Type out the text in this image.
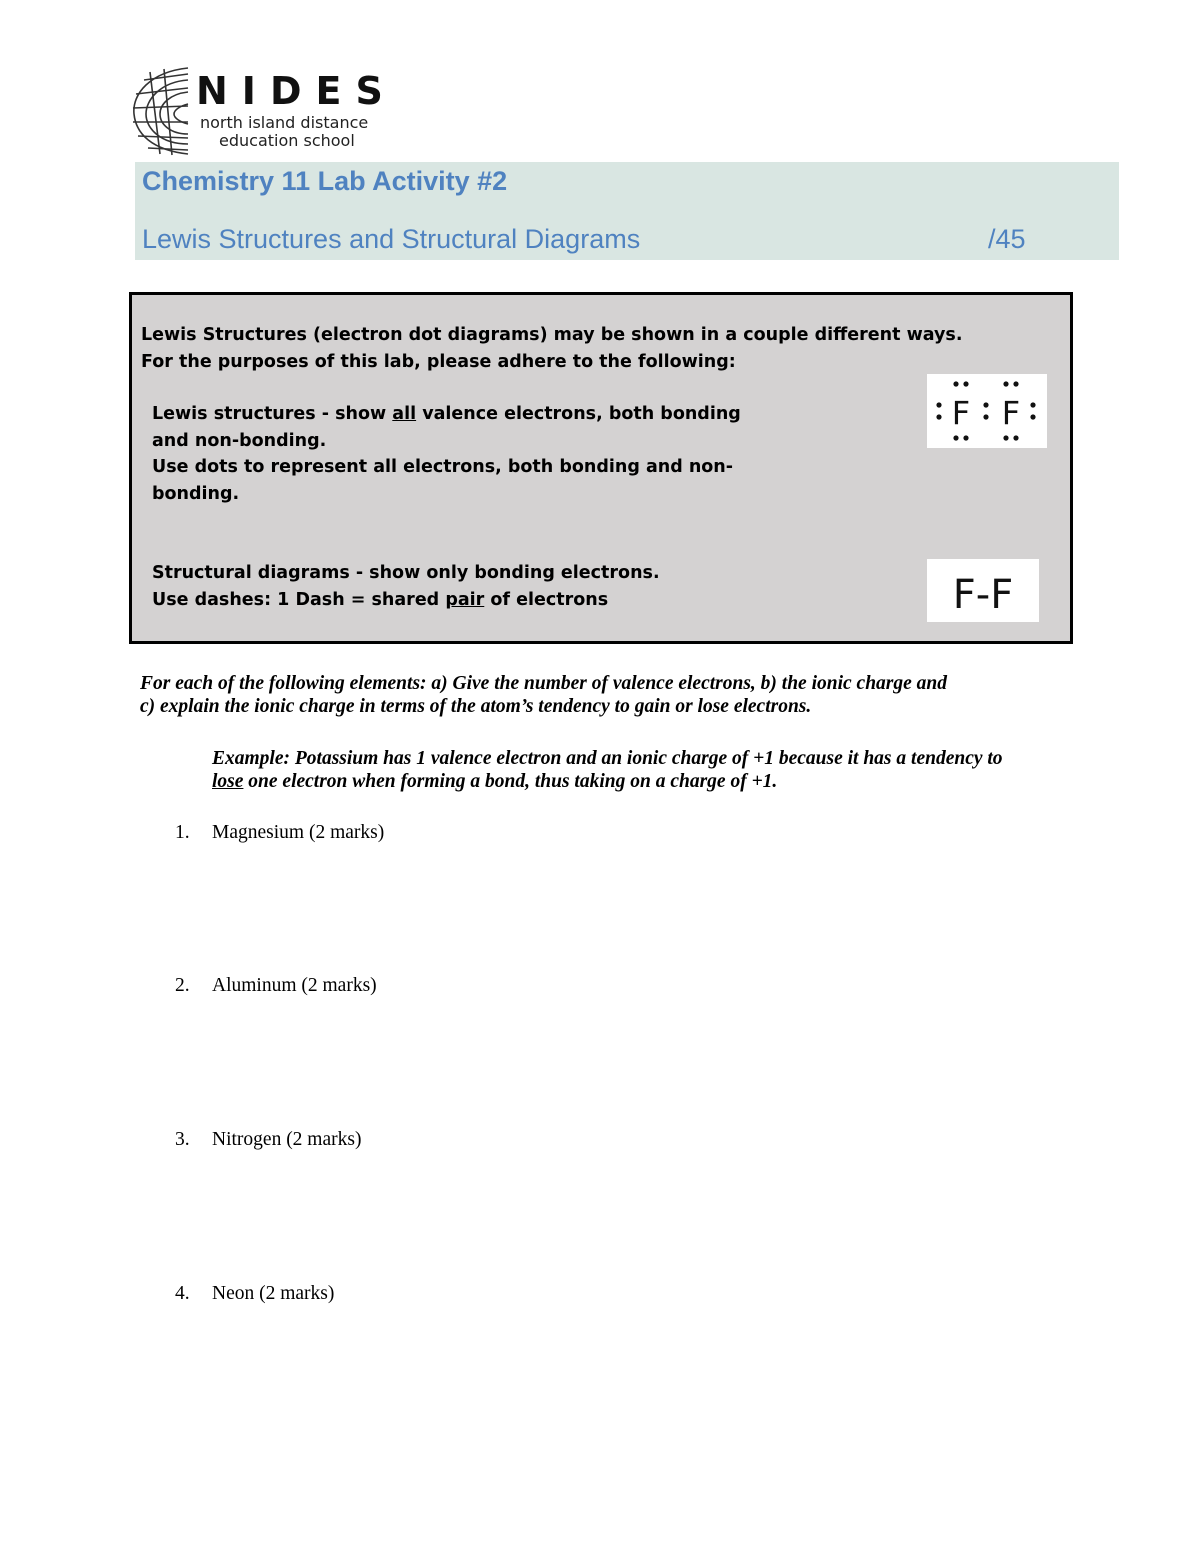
NIDES
north island distance
education school
Chemistry 11 Lab Activity #2
Lewis Structures and Structural Diagrams	/45
Lewis Structures (electron dot diagrams) may be shown in a couple different ways.
For the purposes of this lab, please adhere to the following:
Lewis structures - show all valence electrons, both bonding
and non-bonding.
Use dots to represent all electrons, both bonding and non-
bonding.
Structural diagrams - show only bonding electrons.
Use dashes: 1 Dash = shared pair of electrons
F F
F-F
For each of the following elements: a) Give the number of valence electrons, b) the ionic charge and
c) explain the ionic charge in terms of the atom’s tendency to gain or lose electrons.
Example: Potassium has 1 valence electron and an ionic charge of +1 because it has a tendency to
lose one electron when forming a bond, thus taking on a charge of +1.
1. Magnesium (2 marks)
2. Aluminum (2 marks)
3. Nitrogen (2 marks)
4. Neon (2 marks)
